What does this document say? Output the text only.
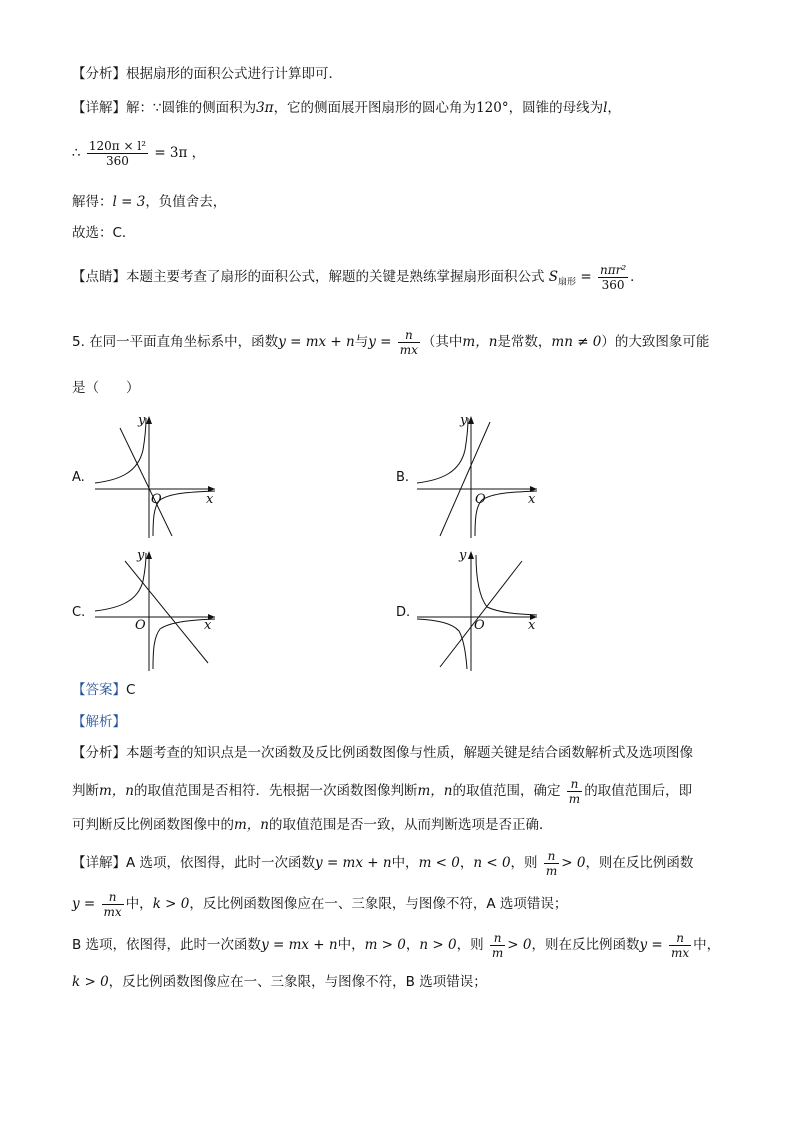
【分析】根据扇形的面积公式进行计算即可．
【详解】解：∵圆锥的侧面积为3π，它的侧面展开图扇形的圆心角为120°，圆锥的母线为l，
∴ $\frac{\text{120π × l²}}{360} = 3\pi$ ，
解得：l = 3，负值舍去，
故选：C．
【点睛】本题主要考查了扇形的面积公式，解题的关键是熟练掌握扇形面积公式 $S_{扇形} = \frac{\text{nπr²}}{360}$ ．
5. 在同一平面直角坐标系中，函数y = mx + n与$y = \frac{n}{mx}$ （其中m，n是常数，mn ≠ 0）的大致图象可能
是（　　）
A.	B.
C.	D.
y
x
O
y
x
O
y
x
O
y
x
O
【答案】C
【解析】
【分析】本题考查的知识点是一次函数及反比例函数图像与性质，解题关键是结合函数解析式及选项图像
判断m，n的取值范围是否相符．先根据一次函数图像判断m，n的取值范围，确定 $\frac{n}{m}$ 的取值范围后，即
可判断反比例函数图像中的m，n的取值范围是否一致，从而判断选项是否正确．
【详解】A 选项，依图得，此时一次函数y = mx + n中，m < 0，n < 0，则 $\frac{n}{m} > 0$，则在反比例函数
$y = \frac{n}{mx}$ 中，k > 0，反比例函数图像应在一、三象限，与图像不符，A 选项错误；
B 选项，依图得，此时一次函数y = mx + n中，m > 0，n > 0，则 $\frac{n}{m} > 0$，则在反比例函数$y = \frac{n}{mx}$ 中，
k > 0，反比例函数图像应在一、三象限，与图像不符，B 选项错误；
